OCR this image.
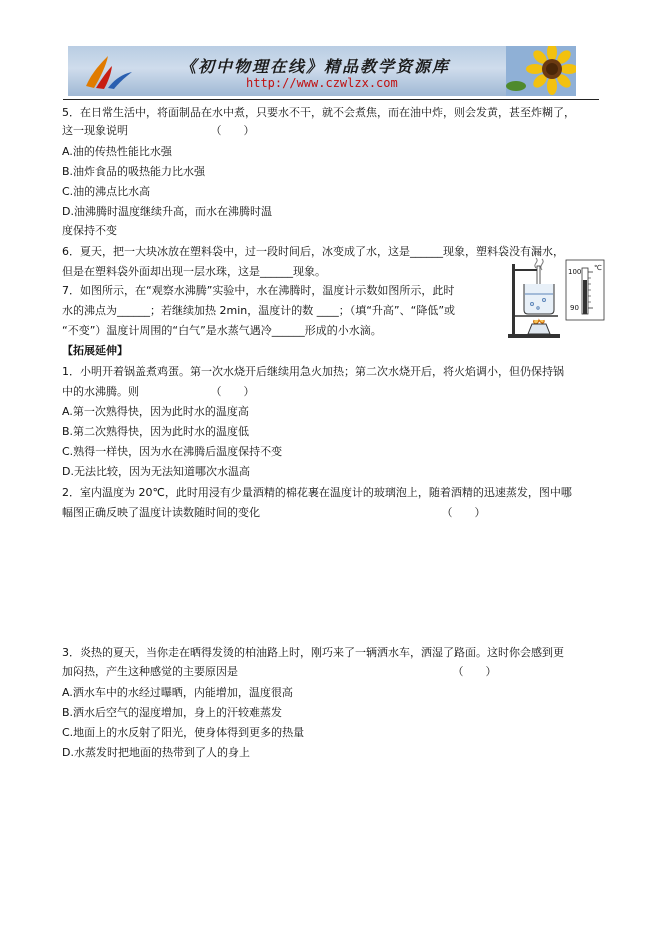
《初中物理在线》精品教学资源库
http://www.czwlzx.com
5．在日常生活中，将面制品在水中煮，只要水不干，就不会煮焦，而在油中炸，则会发黄，甚至炸糊了，
这一现象说明　　　　　　　　（　　）
A.油的传热性能比水强
B.油炸食品的吸热能力比水强
C.油的沸点比水高
D.油沸腾时温度继续升高，而水在沸腾时温
度保持不变
6．夏天，把一大块冰放在塑料袋中，过一段时间后，冰变成了水，这是______现象，塑料袋没有漏水，
但是在塑料袋外面却出现一层水珠，这是______现象。
7．如图所示，在“观察水沸腾”实验中，水在沸腾时，温度计示数如图所示，此时
水的沸点为______；若继续加热 2min，温度计的数 ____；（填“升高”、“降低”或
“不变”）温度计周围的“白气”是水蒸气遇冷______形成的小水滴。
100 ℃
90
【拓展延伸】
1．小明开着锅盖煮鸡蛋。第一次水烧开后继续用急火加热；第二次水烧开后，将火焰调小，但仍保持锅
中的水沸腾。则　　　　　　　（　　）
A.第一次熟得快，因为此时水的温度高
B.第二次熟得快，因为此时水的温度低
C.熟得一样快，因为水在沸腾后温度保持不变
D.无法比较，因为无法知道哪次水温高
2．室内温度为 20℃，此时用浸有少量酒精的棉花裹在温度计的玻璃泡上，随着酒精的迅速蒸发，图中哪
幅图正确反映了温度计读数随时间的变化　　　　　　　　　　　　　　　　　（　　）
3．炎热的夏天，当你走在晒得发烫的柏油路上时，刚巧来了一辆洒水车，洒湿了路面。这时你会感到更
加闷热，产生这种感觉的主要原因是　　　　　　　　　　　　　　　　　　　　（　　）
A.洒水车中的水经过曝晒，内能增加，温度很高
B.洒水后空气的湿度增加，身上的汗较难蒸发
C.地面上的水反射了阳光，使身体得到更多的热量
D.水蒸发时把地面的热带到了人的身上
